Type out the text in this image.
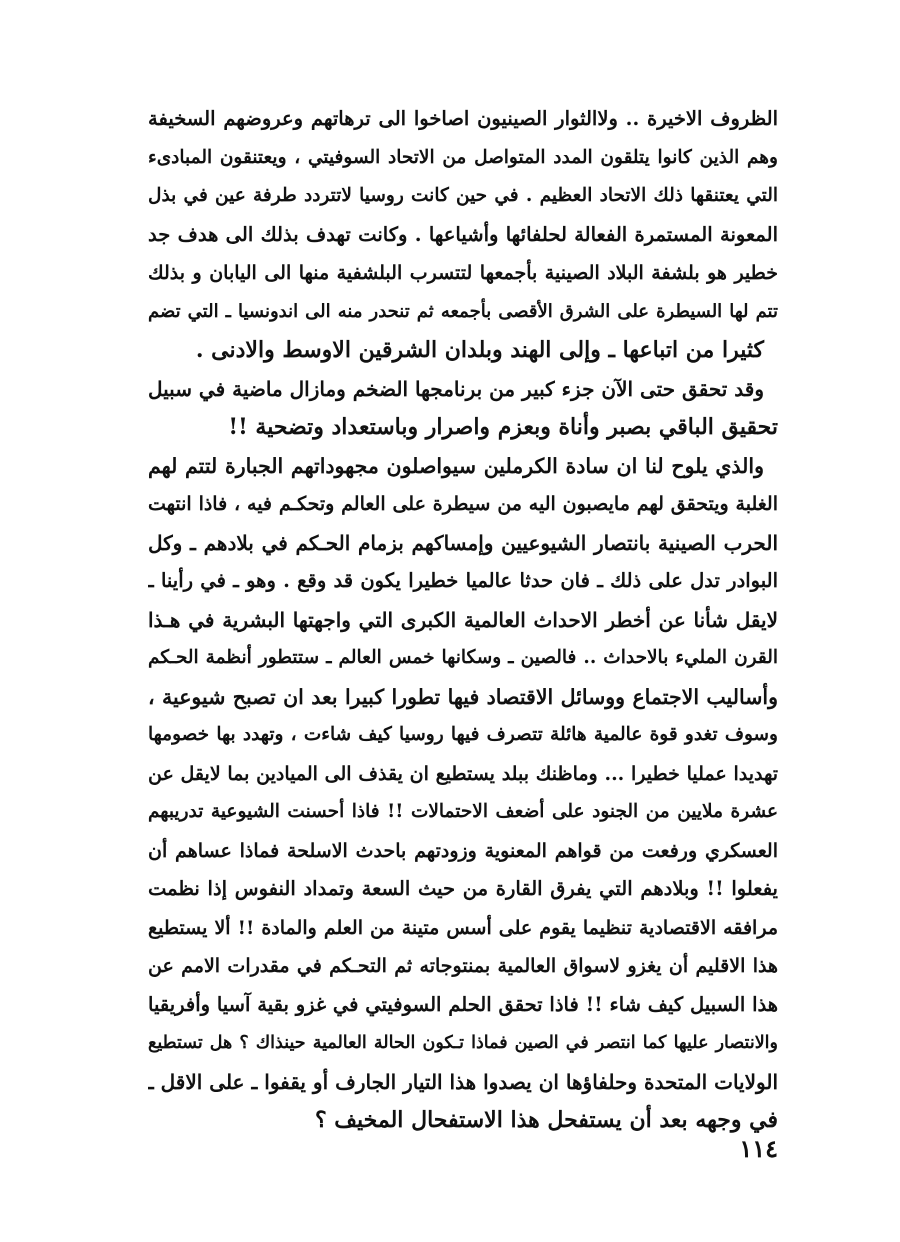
الظروف الاخيرة .. ولاالثوار الصينيون اصاخوا الى ترهاتهم وعروضهم السخيفة
وهم الذين كانوا يتلقون المدد المتواصل من الاتحاد السوفيتي ، ويعتنقون المبادىء
التي يعتنقها ذلك الاتحاد العظيم . في حين كانت روسيا لاتتردد طرفة عين في بذل
المعونة المستمرة الفعالة لحلفائها وأشياعها . وكانت تهدف بذلك الى هدف جد
خطير هو بلشفة البلاد الصينية بأجمعها لتتسرب البلشفية منها الى اليابان و بذلك
تتم لها السيطرة على الشرق الأقصى بأجمعه ثم تنحدر منه الى اندونسيا ـ التي تضم
كثيرا من اتباعها ـ وإلى الهند وبلدان الشرقين الاوسط والادنى .
وقد تحقق حتى الآن جزء كبير من برنامجها الضخم ومازال ماضية في سبيل
تحقيق الباقي بصبر وأناة وبعزم واصرار وباستعداد وتضحية !!
والذي يلوح لنا ان سادة الكرملين سيواصلون مجهوداتهم الجبارة لتتم لهم
الغلبة ويتحقق لهم مايصبون اليه من سيطرة على العالم وتحكـم فيه ، فاذا انتهت
الحرب الصينية بانتصار الشيوعيين وإمساكهم بزمام الحـكم في بلادهم ـ وكل
البوادر تدل على ذلك ـ فان حدثا عالميا خطيرا يكون قد وقع . وهو ـ في رأينا ـ
لايقل شأنا عن أخطر الاحداث العالمية الكبرى التي واجهتها البشرية في هـذا
القرن المليء بالاحداث .. فالصين ـ وسكانها خمس العالم ـ ستتطور أنظمة الحـكم
وأساليب الاجتماع ووسائل الاقتصاد فيها تطورا كبيرا بعد ان تصبح شيوعية ،
وسوف تغدو قوة عالمية هائلة تتصرف فيها روسيا كيف شاءت ، وتهدد بها خصومها
تهديدا عمليا خطيرا ... وماظنك ببلد يستطيع ان يقذف الى الميادين بما لايقل عن
عشرة ملايين من الجنود على أضعف الاحتمالات !! فاذا أحسنت الشيوعية تدريبهم
العسكري ورفعت من قواهم المعنوية وزودتهم باحدث الاسلحة فماذا عساهم أن
يفعلوا !! وبلادهم التي يفرق القارة من حيث السعة وتمداد النفوس إذا نظمت
مرافقه الاقتصادية تنظيما يقوم على أسس متينة من العلم والمادة !! ألا يستطيع
هذا الاقليم أن يغزو لاسواق العالمية بمنتوجاته ثم التحـكم في مقدرات الامم عن
هذا السبيل كيف شاء !! فاذا تحقق الحلم السوفيتي في غزو بقية آسيا وأفريقيا
والانتصار عليها كما انتصر في الصين فماذا تـكون الحالة العالمية حينذاك ؟ هل تستطيع
الولايات المتحدة وحلفاؤها ان يصدوا هذا التيار الجارف أو يقفوا ـ على الاقل ـ
في وجهه بعد أن يستفحل هذا الاستفحال المخيف ؟
١١٤
